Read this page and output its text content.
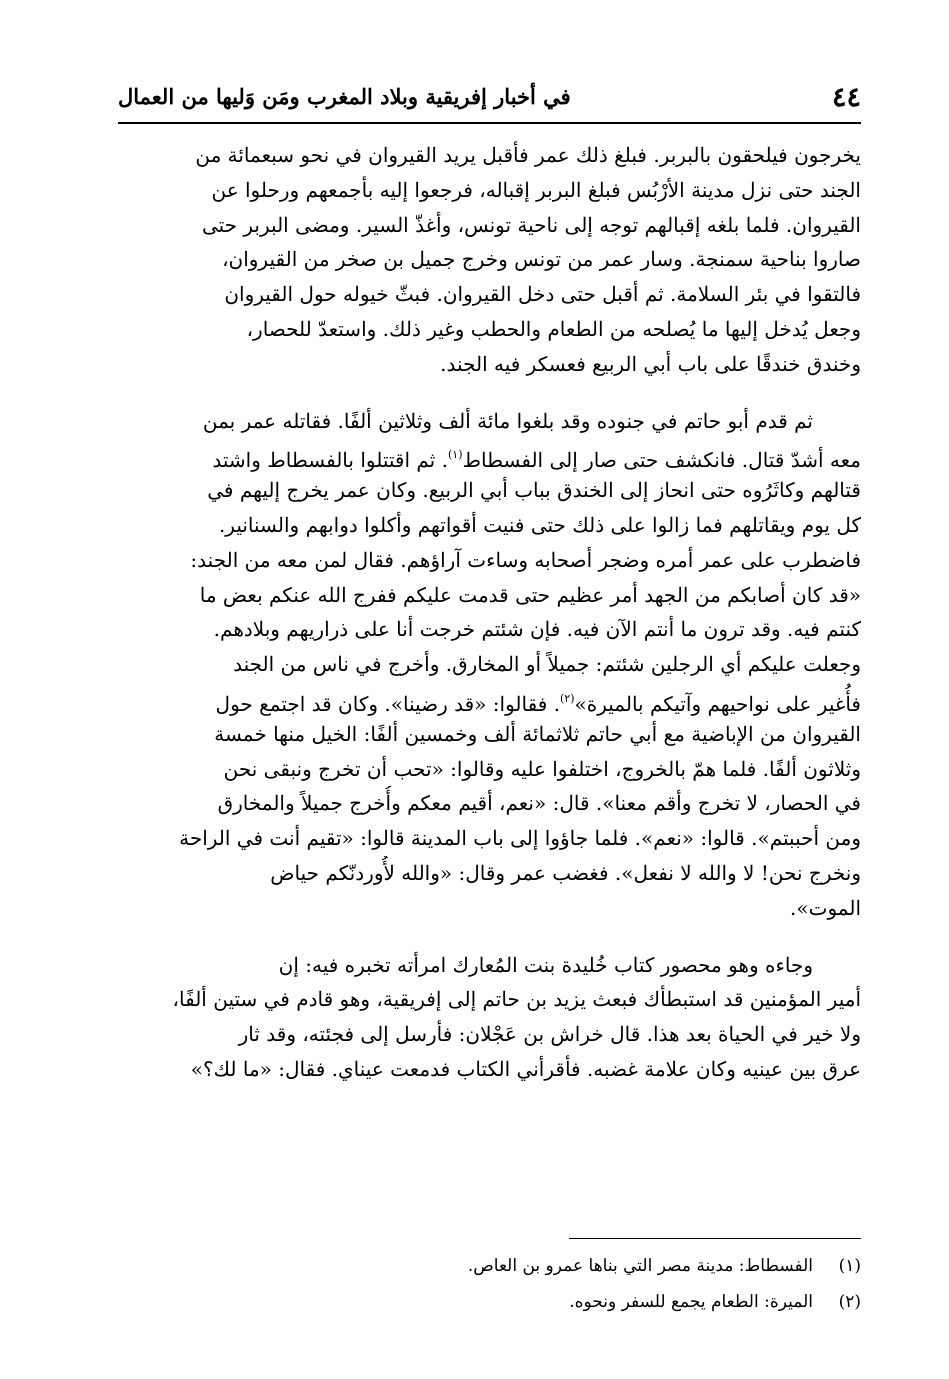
٤٤
في أخبار إفريقية وبلاد المغرب ومَن وَليها من العمال
يخرجون فيلحقون بالبربر. فبلغ ذلك عمر فأقبل يريد القيروان في نحو سبعمائة من
الجند حتى نزل مدينة الأرْبُس فبلغ البربر إقباله، فرجعوا إليه بأجمعهم ورحلوا عن
القيروان. فلما بلغه إقبالهم توجه إلى ناحية تونس، وأغذّ السير. ومضى البربر حتى
صاروا بناحية سمنجة. وسار عمر من تونس وخرج جميل بن صخر من القيروان،
فالتقوا في بئر السلامة. ثم أقبل حتى دخل القيروان. فبثّ خيوله حول القيروان
وجعل يُدخل إليها ما يُصلحه من الطعام والحطب وغير ذلك. واستعدّ للحصار،
وخندق خندقًا على باب أبي الربيع فعسكر فيه الجند.
ثم قدم أبو حاتم في جنوده وقد بلغوا مائة ألف وثلاثين ألفًا. فقاتله عمر بمن
معه أشدّ قتال. فانكشف حتى صار إلى الفسطاط$^{(١)}$. ثم اقتتلوا بالفسطاط واشتد
قتالهم وكاثَرُوه حتى انحاز إلى الخندق بباب أبي الربيع. وكان عمر يخرج إليهم في
كل يوم ويقاتلهم فما زالوا على ذلك حتى فنيت أقواتهم وأكلوا دوابهم والسنانير.
فاضطرب على عمر أمره وضجر أصحابه وساءت آراؤهم. فقال لمن معه من الجند:
«قد كان أصابكم من الجهد أمر عظيم حتى قدمت عليكم ففرج الله عنكم بعض ما
كنتم فيه. وقد ترون ما أنتم الآن فيه. فإن شئتم خرجت أنا على ذراريهم وبلادهم.
وجعلت عليكم أي الرجلين شئتم: جميلاً أو المخارق. وأخرج في ناس من الجند
فأُغير على نواحيهم وآتيكم بالميرة»$^{(٢)}$. فقالوا: «قد رضينا». وكان قد اجتمع حول
القيروان من الإباضية مع أبي حاتم ثلاثمائة ألف وخمسين ألفًا: الخيل منها خمسة
وثلاثون ألفًا. فلما همّ بالخروج، اختلفوا عليه وقالوا: «تحب أن تخرج ونبقى نحن
في الحصار، لا تخرج وأقم معنا». قال: «نعم، أقيم معكم وأُخرج جميلاً والمخارق
ومن أحببتم». قالوا: «نعم». فلما جاؤوا إلى باب المدينة قالوا: «تقيم أنت في الراحة
ونخرج نحن! لا والله لا نفعل». فغضب عمر وقال: «والله لأُوردنّكم حياض
الموت».
وجاءه وهو محصور كتاب خُليدة بنت المُعارك امرأته تخبره فيه: إن
أمير المؤمنين قد استبطأك فبعث يزيد بن حاتم إلى إفريقية، وهو قادم في ستين ألفًا،
ولا خير في الحياة بعد هذا. قال خراش بن عَجْلان: فأرسل إلى فجئته، وقد ثار
عرق بين عينيه وكان علامة غضبه. فأقرأني الكتاب فدمعت عيناي. فقال: «ما لك؟»
(١)الفسطاط: مدينة مصر التي بناها عمرو بن العاص.
(٢)الميرة: الطعام يجمع للسفر ونحوه.
